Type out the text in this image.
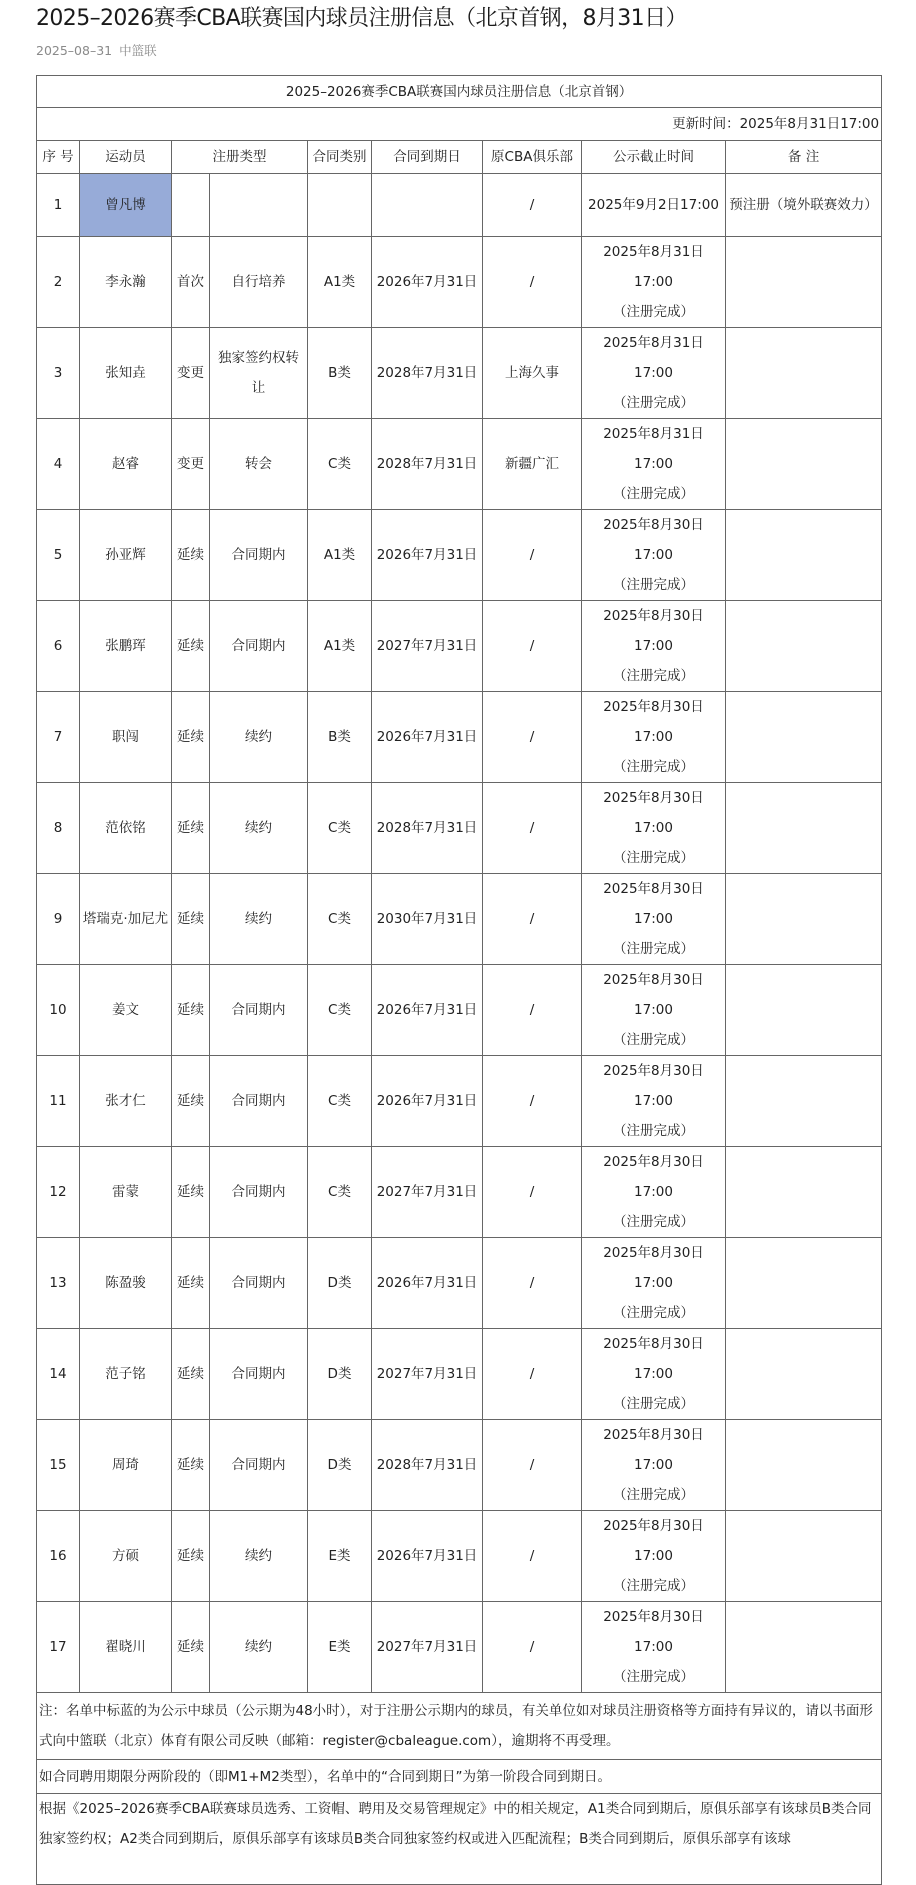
2025–2026赛季CBA联赛国内球员注册信息（北京首钢，8月31日）
2025–08–31 中篮联
2025–2026赛季CBA联赛国内球员注册信息（北京首钢）								
更新时间：2025年8月31日17:00								
序 号	运动员	注册类型		合同类别	合同到期日	原CBA俱乐部	公示截止时间	备 注
1	曾凡博					/	2025年9月2日17:00	预注册（境外联赛效力）
2	李永瀚	首次	自行培养	A1类	2026年7月31日	/	2025年8月31日17:00
（注册完成）	

3	张知垚	变更	独家签约权转让	B类	2028年7月31日	上海久事	2025年8月31日17:00
（注册完成）	

4	赵睿	变更	转会	C类	2028年7月31日	新疆广汇	2025年8月31日17:00
（注册完成）	

5	孙亚辉	延续	合同期内	A1类	2026年7月31日	/	2025年8月30日17:00
（注册完成）	

6	张鹏珲	延续	合同期内	A1类	2027年7月31日	/	2025年8月30日17:00
（注册完成）	

7	职闯	延续	续约	B类	2026年7月31日	/	2025年8月30日17:00
（注册完成）	

8	范依铭	延续	续约	C类	2028年7月31日	/	2025年8月30日17:00
（注册完成）	

9	塔瑞克·加尼尤	延续	续约	C类	2030年7月31日	/	2025年8月30日17:00
（注册完成）	

10	姜文	延续	合同期内	C类	2026年7月31日	/	2025年8月30日17:00
（注册完成）	

11	张才仁	延续	合同期内	C类	2026年7月31日	/	2025年8月30日17:00
（注册完成）	

12	雷蒙	延续	合同期内	C类	2027年7月31日	/	2025年8月30日17:00
（注册完成）	

13	陈盈骏	延续	合同期内	D类	2026年7月31日	/	2025年8月30日17:00
（注册完成）	

14	范子铭	延续	合同期内	D类	2027年7月31日	/	2025年8月30日17:00
（注册完成）	

15	周琦	延续	合同期内	D类	2028年7月31日	/	2025年8月30日17:00
（注册完成）	

16	方硕	延续	续约	E类	2026年7月31日	/	2025年8月30日17:00
（注册完成）	

17	翟晓川	延续	续约	E类	2027年7月31日	/	2025年8月30日17:00
（注册完成）	

注：名单中标蓝的为公示中球员（公示期为48小时），对于注册公示期内的球员，有关单位如对球员注册资格等方面持有异议的，请以书面形式向中篮联（北京）体育有限公司反映（邮箱：register@cbaleague.com），逾期将不再受理。								
如合同聘用期限分两阶段的（即M1+M2类型），名单中的“合同到期日”为第一阶段合同到期日。								
根据《2025–2026赛季CBA联赛球员选秀、工资帽、聘用及交易管理规定》中的相关规定，A1类合同到期后，原俱乐部享有该球员B类合同独家签约权；A2类合同到期后，原俱乐部享有该球员B类合同独家签约权或进入匹配流程；B类合同到期后，原俱乐部享有该球								
